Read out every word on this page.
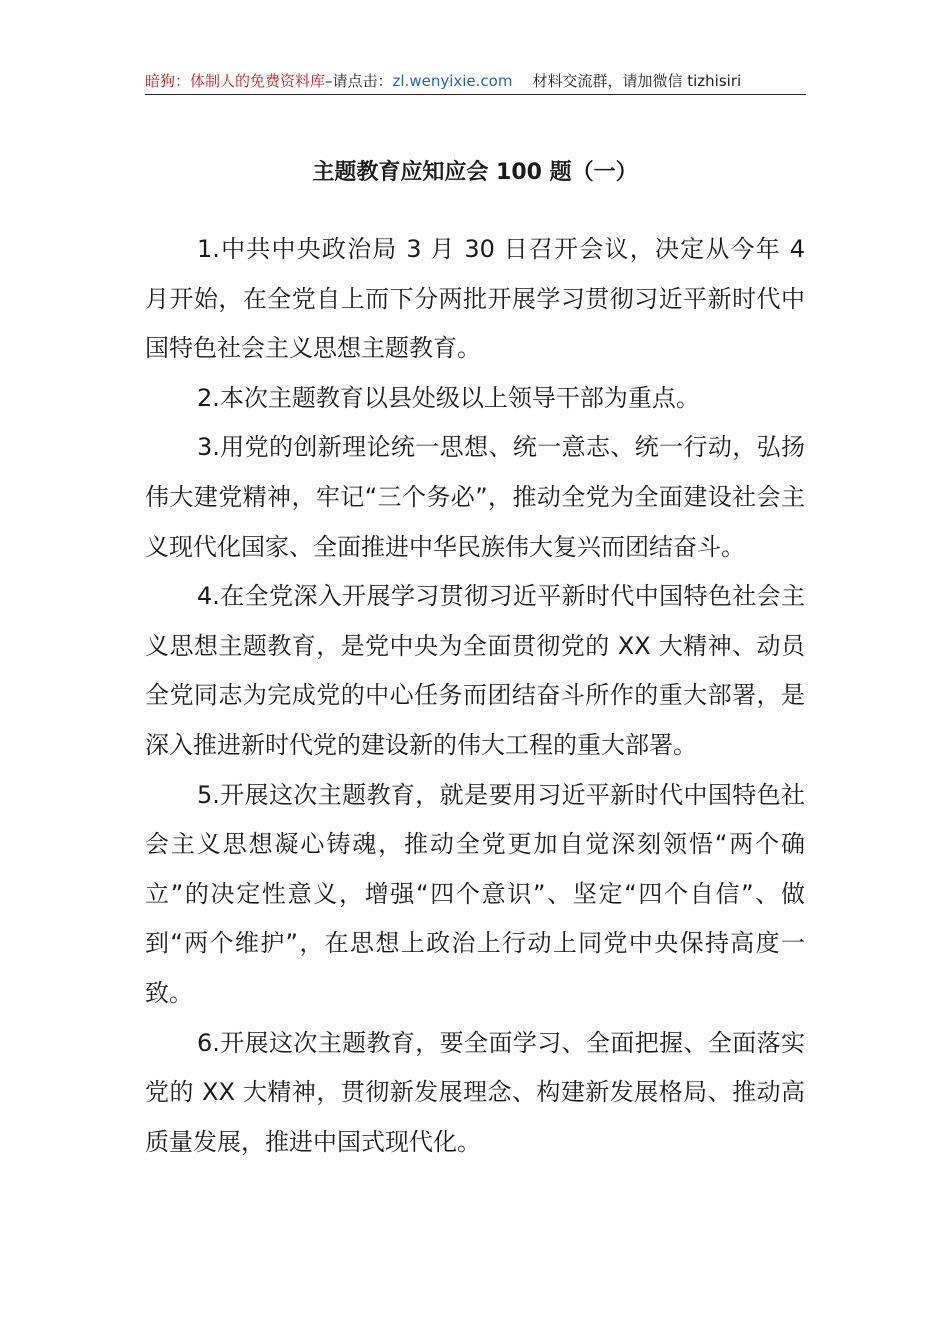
暗狗：体制人的免费资料库–请点击：zl.wenyixie.com 材料交流群，请加微信 tizhisiri
主题教育应知应会 100 题（一）

1.中共中央政治局 3 月 30 日召开会议，决定从今年 4 月开始，在全党自上而下分两批开展学习贯彻习近平新时代中国特色社会主义思想主题教育。

2.本次主题教育以县处级以上领导干部为重点。

3.用党的创新理论统一思想、统一意志、统一行动，弘扬伟大建党精神，牢记“三个务必”，推动全党为全面建设社会主义现代化国家、全面推进中华民族伟大复兴而团结奋斗。

4.在全党深入开展学习贯彻习近平新时代中国特色社会主义思想主题教育，是党中央为全面贯彻党的 XX 大精神、动员全党同志为完成党的中心任务而团结奋斗所作的重大部署，是深入推进新时代党的建设新的伟大工程的重大部署。

5.开展这次主题教育，就是要用习近平新时代中国特色社会主义思想凝心铸魂，推动全党更加自觉深刻领悟“两个确立”的决定性意义，增强“四个意识”、坚定“四个自信”、做到“两个维护”，在思想上政治上行动上同党中央保持高度一致。

6.开展这次主题教育，要全面学习、全面把握、全面落实党的 XX 大精神，贯彻新发展理念、构建新发展格局、推动高质量发展，推进中国式现代化。
